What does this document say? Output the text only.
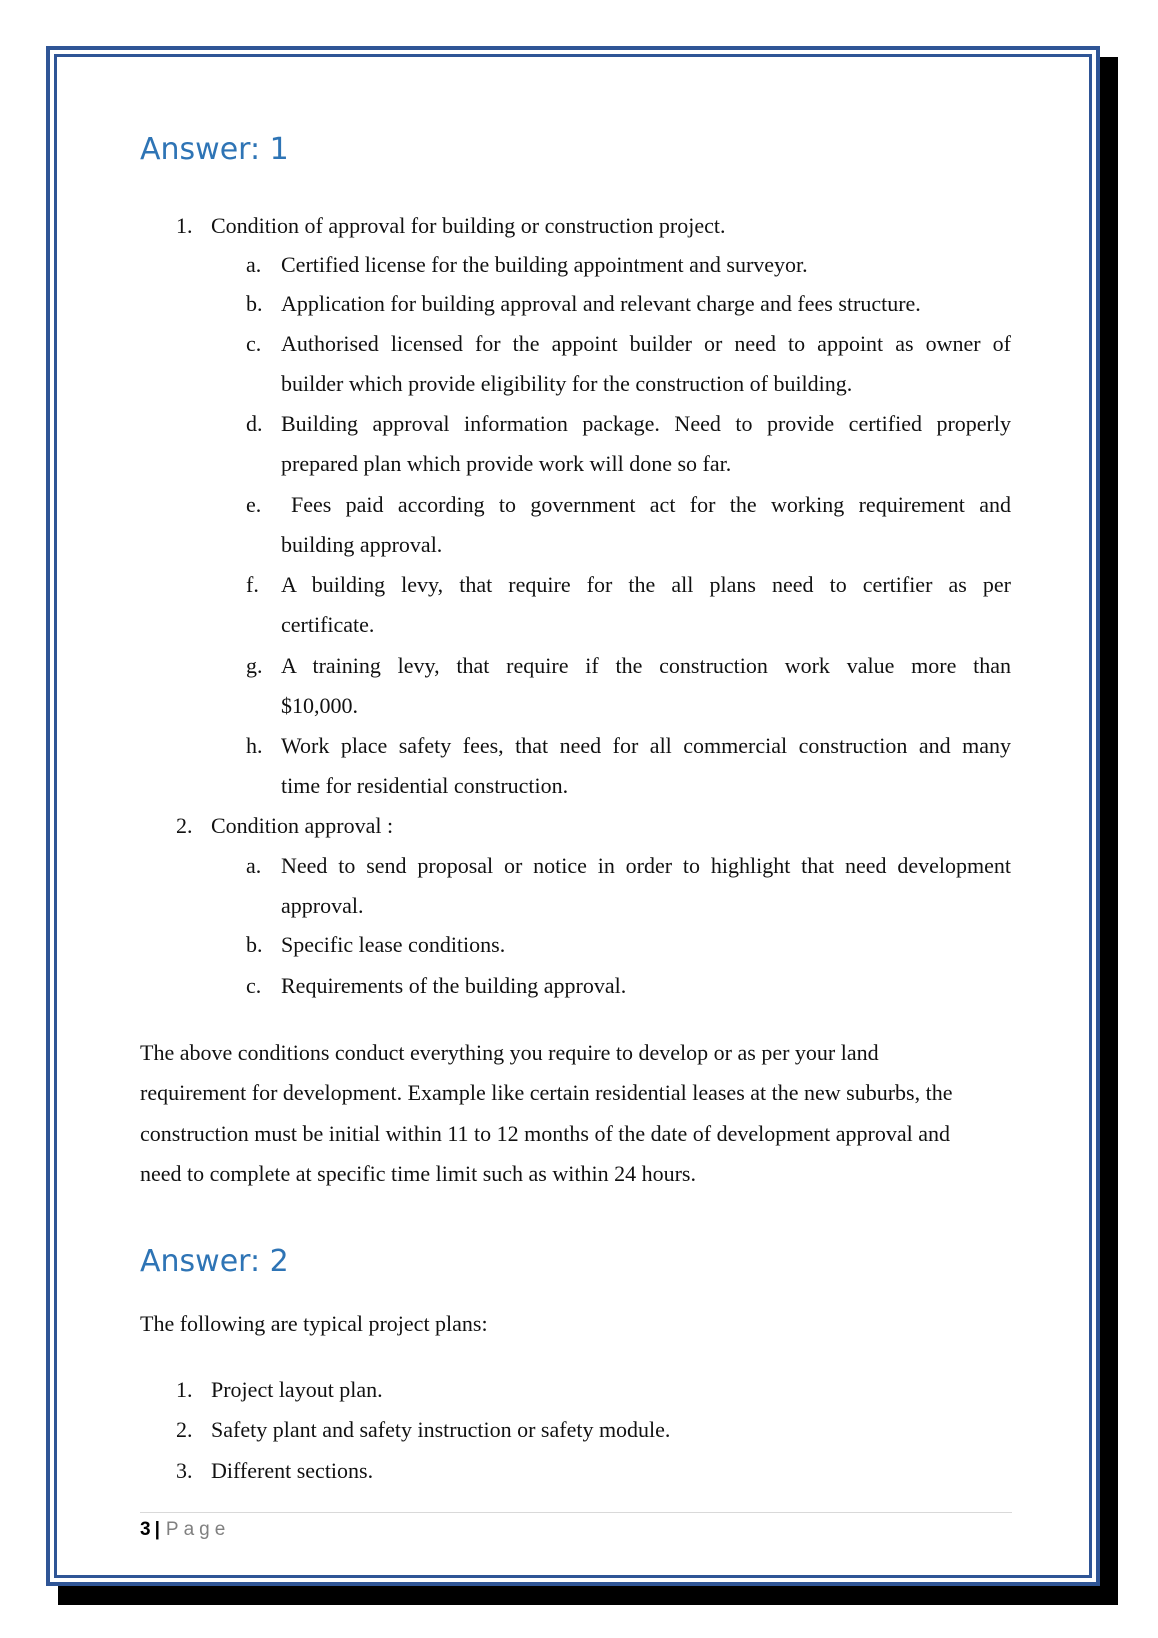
Answer: 1
1. Condition of approval for building or construction project.
a. Certified license for the building appointment and surveyor.
b. Application for building approval and relevant charge and fees structure.
c. Authorised licensed for the appoint builder or need to appoint as owner of
builder which provide eligibility for the construction of building.
d. Building approval information package. Need to provide certified properly
prepared plan which provide work will done so far.
e. Fees paid according to government act for the working requirement and
building approval.
f. A building levy, that require for the all plans need to certifier as per
certificate.
g. A training levy, that require if the construction work value more than
$10,000.
h. Work place safety fees, that need for all commercial construction and many
time for residential construction.
2. Condition approval :
a. Need to send proposal or notice in order to highlight that need development
approval.
b. Specific lease conditions.
c. Requirements of the building approval.
The above conditions conduct everything you require to develop or as per your land
requirement for development. Example like certain residential leases at the new suburbs, the
construction must be initial within 11 to 12 months of the date of development approval and
need to complete at specific time limit such as within 24 hours.
Answer: 2
The following are typical project plans:
1. Project layout plan.
2. Safety plant and safety instruction or safety module.
3. Different sections.
3 | Page
